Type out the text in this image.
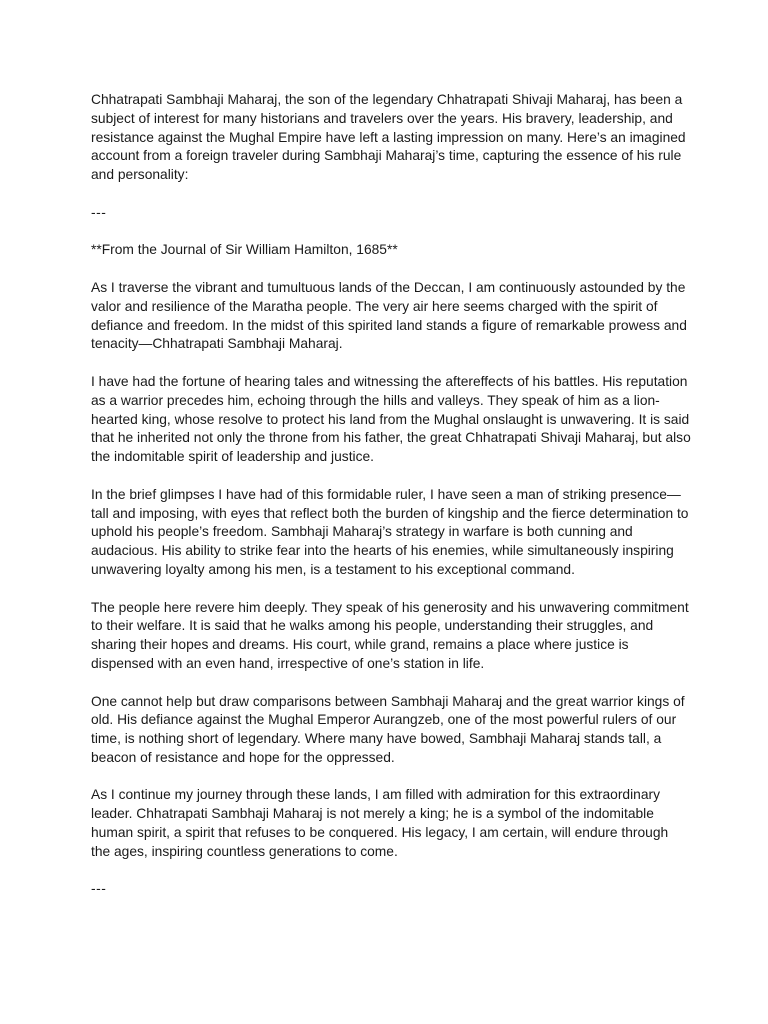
Chhatrapati Sambhaji Maharaj, the son of the legendary Chhatrapati Shivaji Maharaj, has been a subject of interest for many historians and travelers over the years. His bravery, leadership, and resistance against the Mughal Empire have left a lasting impression on many. Here’s an imagined account from a foreign traveler during Sambhaji Maharaj’s time, capturing the essence of his rule and personality:

---

**From the Journal of Sir William Hamilton, 1685**

As I traverse the vibrant and tumultuous lands of the Deccan, I am continuously astounded by the valor and resilience of the Maratha people. The very air here seems charged with the spirit of defiance and freedom. In the midst of this spirited land stands a figure of remarkable prowess and tenacity—Chhatrapati Sambhaji Maharaj.

I have had the fortune of hearing tales and witnessing the aftereffects of his battles. His reputation as a warrior precedes him, echoing through the hills and valleys. They speak of him as a lion-hearted king, whose resolve to protect his land from the Mughal onslaught is unwavering. It is said that he inherited not only the throne from his father, the great Chhatrapati Shivaji Maharaj, but also the indomitable spirit of leadership and justice.

In the brief glimpses I have had of this formidable ruler, I have seen a man of striking presence—tall and imposing, with eyes that reflect both the burden of kingship and the fierce determination to uphold his people’s freedom. Sambhaji Maharaj’s strategy in warfare is both cunning and audacious. His ability to strike fear into the hearts of his enemies, while simultaneously inspiring unwavering loyalty among his men, is a testament to his exceptional command.

The people here revere him deeply. They speak of his generosity and his unwavering commitment to their welfare. It is said that he walks among his people, understanding their struggles, and sharing their hopes and dreams. His court, while grand, remains a place where justice is dispensed with an even hand, irrespective of one’s station in life.

One cannot help but draw comparisons between Sambhaji Maharaj and the great warrior kings of old. His defiance against the Mughal Emperor Aurangzeb, one of the most powerful rulers of our time, is nothing short of legendary. Where many have bowed, Sambhaji Maharaj stands tall, a beacon of resistance and hope for the oppressed.

As I continue my journey through these lands, I am filled with admiration for this extraordinary leader. Chhatrapati Sambhaji Maharaj is not merely a king; he is a symbol of the indomitable human spirit, a spirit that refuses to be conquered. His legacy, I am certain, will endure through the ages, inspiring countless generations to come.

---
